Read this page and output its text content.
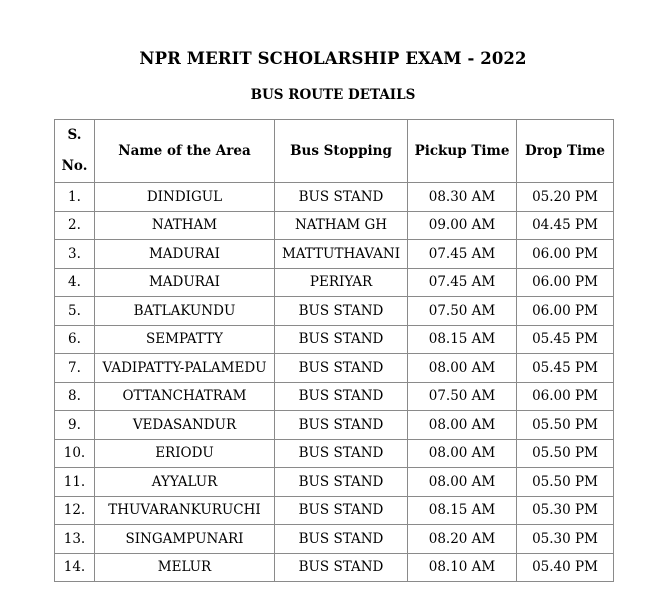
NPR MERIT SCHOLARSHIP EXAM - 2022
BUS ROUTE DETAILS
S.
No.	Name of the Area	Bus Stopping	Pickup Time	Drop Time
1.	DINDIGUL	BUS STAND	08.30 AM	05.20 PM
2.	NATHAM	NATHAM GH	09.00 AM	04.45 PM
3.	MADURAI	MATTUTHAVANI	07.45 AM	06.00 PM
4.	MADURAI	PERIYAR	07.45 AM	06.00 PM
5.	BATLAKUNDU	BUS STAND	07.50 AM	06.00 PM
6.	SEMPATTY	BUS STAND	08.15 AM	05.45 PM
7.	VADIPATTY-PALAMEDU	BUS STAND	08.00 AM	05.45 PM
8.	OTTANCHATRAM	BUS STAND	07.50 AM	06.00 PM
9.	VEDASANDUR	BUS STAND	08.00 AM	05.50 PM
10.	ERIODU	BUS STAND	08.00 AM	05.50 PM
11.	AYYALUR	BUS STAND	08.00 AM	05.50 PM
12.	THUVARANKURUCHI	BUS STAND	08.15 AM	05.30 PM
13.	SINGAMPUNARI	BUS STAND	08.20 AM	05.30 PM
14.	MELUR	BUS STAND	08.10 AM	05.40 PM
